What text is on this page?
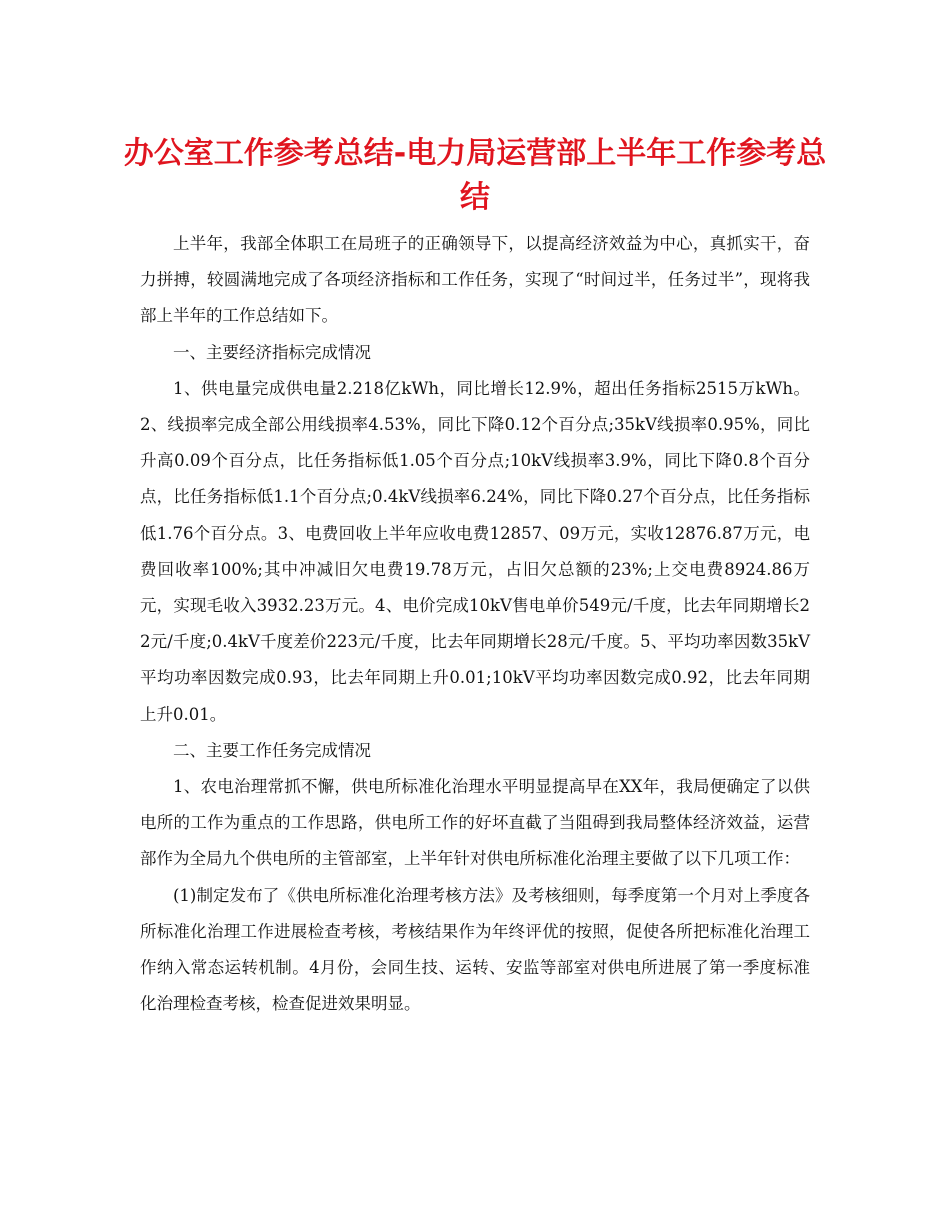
办公室工作参考总结-电力局运营部上半年工作参考总结

上半年，我部全体职工在局班子的正确领导下，以提高经济效益为中心，真抓实干，奋力拼搏，较圆满地完成了各项经济指标和工作任务，实现了“时间过半，任务过半”，现将我部上半年的工作总结如下。

一、主要经济指标完成情况

1、供电量完成供电量2.218亿kWh，同比增长12.9%，超出任务指标2515万kWh。2、线损率完成全部公用线损率4.53%，同比下降0.12个百分点;35kV线损率0.95%，同比升高0.09个百分点，比任务指标低1.05个百分点;10kV线损率3.9%，同比下降0.8个百分点，比任务指标低1.1个百分点;0.4kV线损率6.24%，同比下降0.27个百分点，比任务指标低1.76个百分点。3、电费回收上半年应收电费12857、09万元，实收12876.87万元，电费回收率100%;其中冲减旧欠电费19.78万元，占旧欠总额的23%;上交电费8924.86万元，实现毛收入3932.23万元。4、电价完成10kV售电单价549元/千度，比去年同期增长22元/千度;0.4kV千度差价223元/千度，比去年同期增长28元/千度。5、平均功率因数35kV平均功率因数完成0.93，比去年同期上升0.01;10kV平均功率因数完成0.92，比去年同期上升0.01。

二、主要工作任务完成情况

1、农电治理常抓不懈，供电所标准化治理水平明显提高早在XX年，我局便确定了以供电所的工作为重点的工作思路，供电所工作的好坏直截了当阻碍到我局整体经济效益，运营部作为全局九个供电所的主管部室，上半年针对供电所标准化治理主要做了以下几项工作：

(1)制定发布了《供电所标准化治理考核方法》及考核细则，每季度第一个月对上季度各所标准化治理工作进展检查考核，考核结果作为年终评优的按照，促使各所把标准化治理工作纳入常态运转机制。4月份，会同生技、运转、安监等部室对供电所进展了第一季度标准化治理检查考核，检查促进效果明显。
